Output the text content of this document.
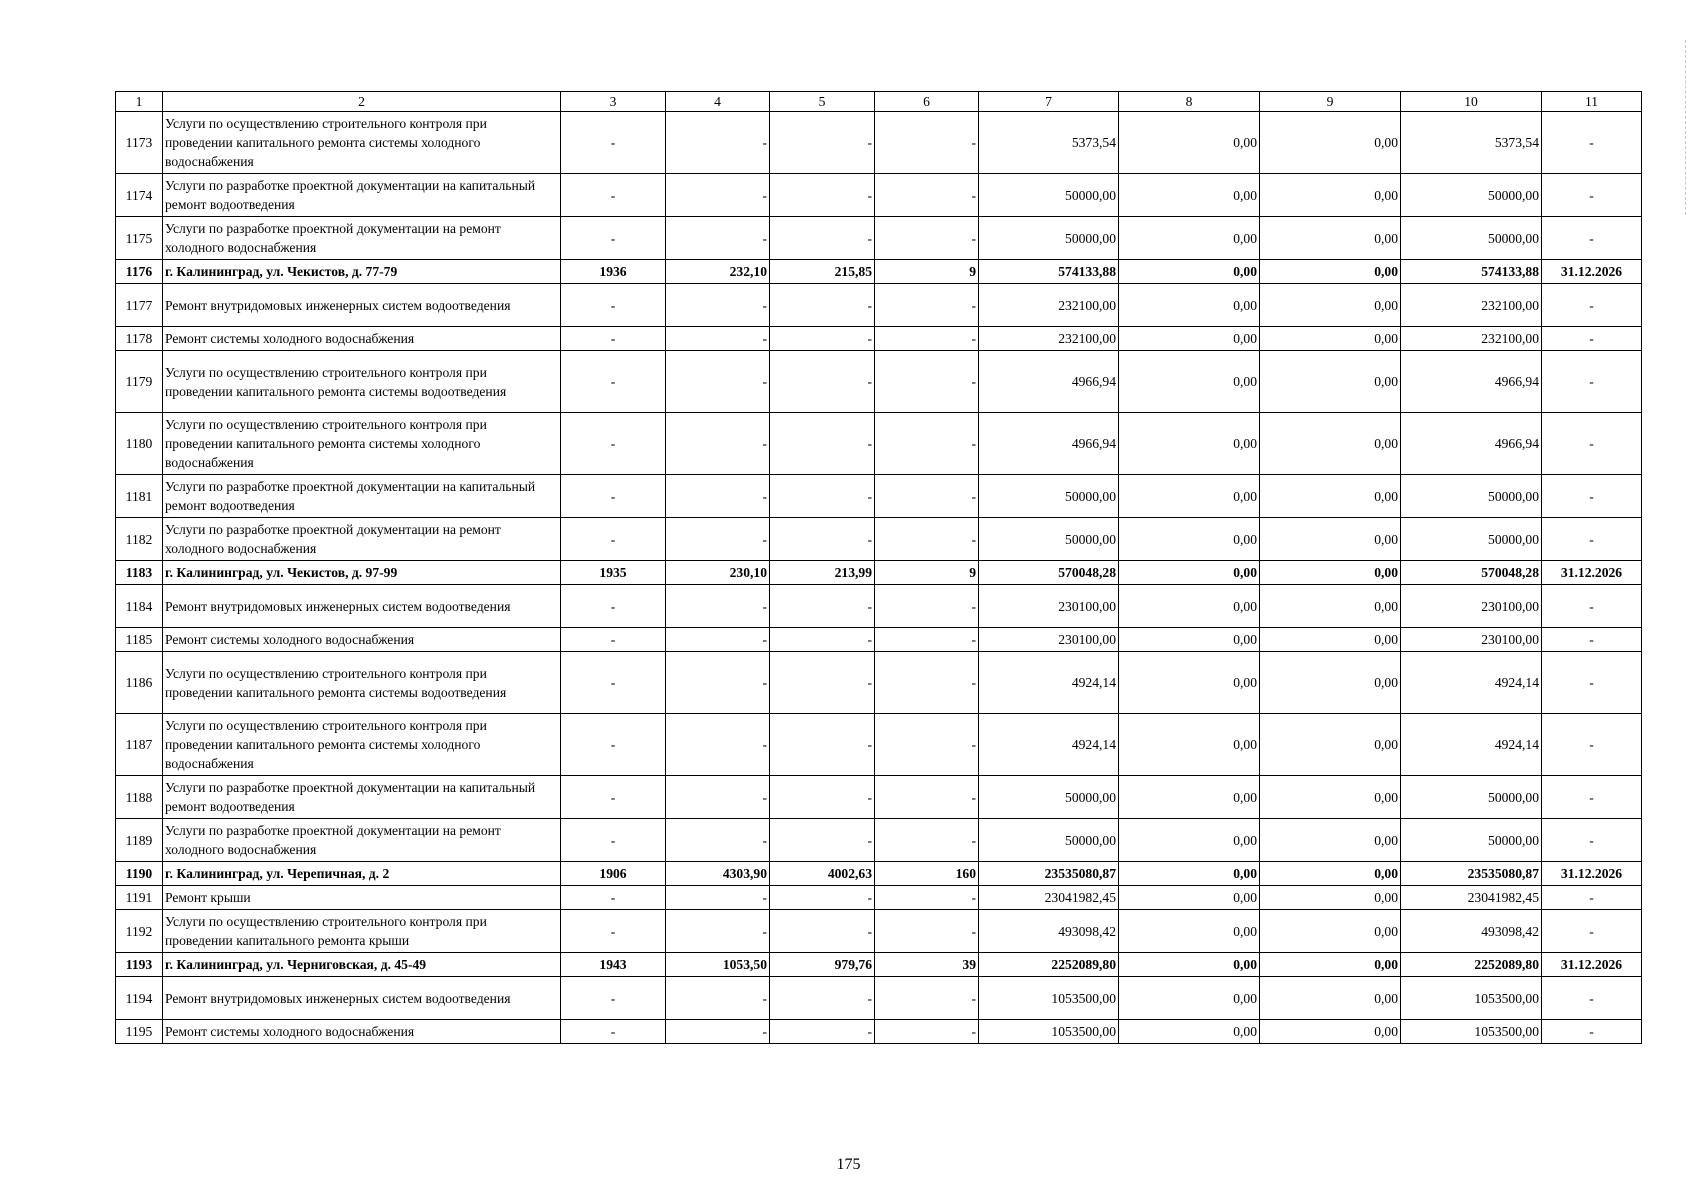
1	2	3	4	5	6	7	8	9	10	11
1173	Услуги по осуществлению строительного контроля при проведении капитального ремонта системы холодного водоснабжения	-	-	-	-	5373,54	0,00	0,00	5373,54	-
1174	Услуги по разработке проектной документации на капитальный ремонт водоотведения	-	-	-	-	50000,00	0,00	0,00	50000,00	-
1175	Услуги по разработке проектной документации на ремонт холодного водоснабжения	-	-	-	-	50000,00	0,00	0,00	50000,00	-
1176	г. Калининград, ул. Чекистов, д. 77-79	1936	232,10	215,85	9	574133,88	0,00	0,00	574133,88	31.12.2026
1177	Ремонт внутридомовых инженерных систем водоотведения	-	-	-	-	232100,00	0,00	0,00	232100,00	-
1178	Ремонт системы холодного водоснабжения	-	-	-	-	232100,00	0,00	0,00	232100,00	-
1179	Услуги по осуществлению строительного контроля при проведении капитального ремонта системы водоотведения	-	-	-	-	4966,94	0,00	0,00	4966,94	-
1180	Услуги по осуществлению строительного контроля при проведении капитального ремонта системы холодного водоснабжения	-	-	-	-	4966,94	0,00	0,00	4966,94	-
1181	Услуги по разработке проектной документации на капитальный ремонт водоотведения	-	-	-	-	50000,00	0,00	0,00	50000,00	-
1182	Услуги по разработке проектной документации на ремонт холодного водоснабжения	-	-	-	-	50000,00	0,00	0,00	50000,00	-
1183	г. Калининград, ул. Чекистов, д. 97-99	1935	230,10	213,99	9	570048,28	0,00	0,00	570048,28	31.12.2026
1184	Ремонт внутридомовых инженерных систем водоотведения	-	-	-	-	230100,00	0,00	0,00	230100,00	-
1185	Ремонт системы холодного водоснабжения	-	-	-	-	230100,00	0,00	0,00	230100,00	-
1186	Услуги по осуществлению строительного контроля при проведении капитального ремонта системы водоотведения	-	-	-	-	4924,14	0,00	0,00	4924,14	-
1187	Услуги по осуществлению строительного контроля при проведении капитального ремонта системы холодного водоснабжения	-	-	-	-	4924,14	0,00	0,00	4924,14	-
1188	Услуги по разработке проектной документации на капитальный ремонт водоотведения	-	-	-	-	50000,00	0,00	0,00	50000,00	-
1189	Услуги по разработке проектной документации на ремонт холодного водоснабжения	-	-	-	-	50000,00	0,00	0,00	50000,00	-
1190	г. Калининград, ул. Черепичная, д. 2	1906	4303,90	4002,63	160	23535080,87	0,00	0,00	23535080,87	31.12.2026
1191	Ремонт крыши	-	-	-	-	23041982,45	0,00	0,00	23041982,45	-
1192	Услуги по осуществлению строительного контроля при проведении капитального ремонта крыши	-	-	-	-	493098,42	0,00	0,00	493098,42	-
1193	г. Калининград, ул. Черниговская, д. 45-49	1943	1053,50	979,76	39	2252089,80	0,00	0,00	2252089,80	31.12.2026
1194	Ремонт внутридомовых инженерных систем водоотведения	-	-	-	-	1053500,00	0,00	0,00	1053500,00	-
1195	Ремонт системы холодного водоснабжения	-	-	-	-	1053500,00	0,00	0,00	1053500,00	-
175
